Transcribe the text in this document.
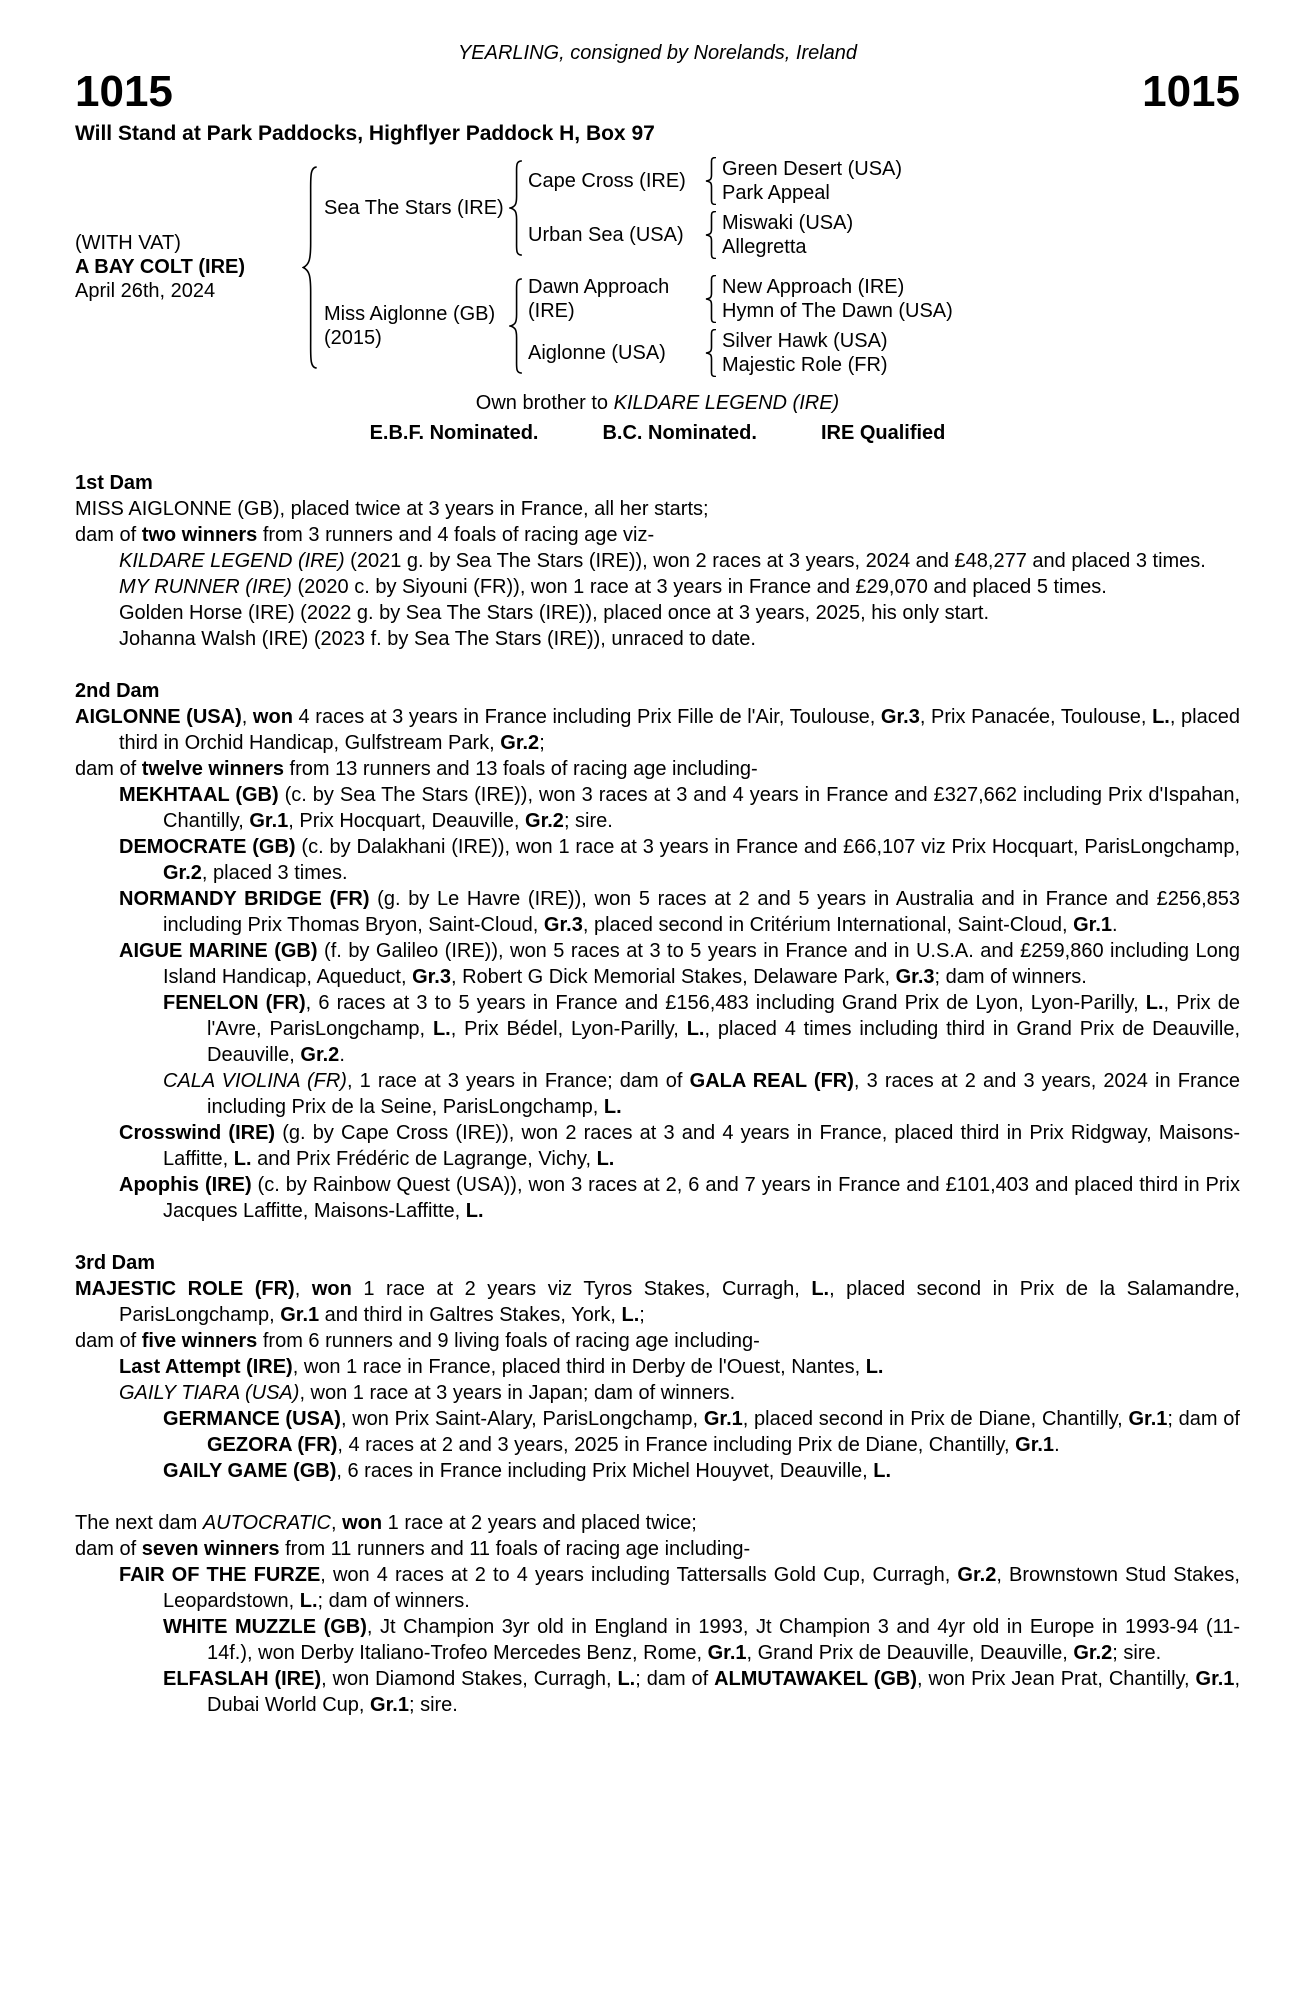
YEARLING, consigned by Norelands, Ireland
1015	1015
Will Stand at Park Paddocks, Highflyer Paddock H, Box 97
(WITH VAT)
A BAY COLT (IRE)
April 26th, 2024
Sea The Stars (IRE)
Cape Cross (IRE)
Green Desert (USA)
Park Appeal
Urban Sea (USA)
Miswaki (USA)
Allegretta
Miss Aiglonne (GB) (2015)
Dawn Approach (IRE)
New Approach (IRE)
Hymn of The Dawn (USA)
Aiglonne (USA)
Silver Hawk (USA)
Majestic Role (FR)
Own brother to KILDARE LEGEND (IRE)
E.B.F. Nominated.	B.C. Nominated.	IRE Qualified
1st Dam

MISS AIGLONNE (GB), placed twice at 3 years in France, all her starts;

dam of two winners from 3 runners and 4 foals of racing age viz-

KILDARE LEGEND (IRE) (2021 g. by Sea The Stars (IRE)), won 2 races at 3 years, 2024 and £48,277 and placed 3 times.

MY RUNNER (IRE) (2020 c. by Siyouni (FR)), won 1 race at 3 years in France and £29,070 and placed 5 times.

Golden Horse (IRE) (2022 g. by Sea The Stars (IRE)), placed once at 3 years, 2025, his only start.

Johanna Walsh (IRE) (2023 f. by Sea The Stars (IRE)), unraced to date.

2nd Dam

AIGLONNE (USA), won 4 races at 3 years in France including Prix Fille de l'Air, Toulouse, Gr.3, Prix Panacée, Toulouse, L., placed third in Orchid Handicap, Gulfstream Park, Gr.2;

dam of twelve winners from 13 runners and 13 foals of racing age including-

MEKHTAAL (GB) (c. by Sea The Stars (IRE)), won 3 races at 3 and 4 years in France and £327,662 including Prix d'Ispahan, Chantilly, Gr.1, Prix Hocquart, Deauville, Gr.2; sire.

DEMOCRATE (GB) (c. by Dalakhani (IRE)), won 1 race at 3 years in France and £66,107 viz Prix Hocquart, ParisLongchamp, Gr.2, placed 3 times.

NORMANDY BRIDGE (FR) (g. by Le Havre (IRE)), won 5 races at 2 and 5 years in Australia and in France and £256,853 including Prix Thomas Bryon, Saint-Cloud, Gr.3, placed second in Critérium International, Saint-Cloud, Gr.1.

AIGUE MARINE (GB) (f. by Galileo (IRE)), won 5 races at 3 to 5 years in France and in U.S.A. and £259,860 including Long Island Handicap, Aqueduct, Gr.3, Robert G Dick Memorial Stakes, Delaware Park, Gr.3; dam of winners.

FENELON (FR), 6 races at 3 to 5 years in France and £156,483 including Grand Prix de Lyon, Lyon-Parilly, L., Prix de l'Avre, ParisLongchamp, L., Prix Bédel, Lyon-Parilly, L., placed 4 times including third in Grand Prix de Deauville, Deauville, Gr.2.

CALA VIOLINA (FR), 1 race at 3 years in France; dam of GALA REAL (FR), 3 races at 2 and 3 years, 2024 in France including Prix de la Seine, ParisLongchamp, L.

Crosswind (IRE) (g. by Cape Cross (IRE)), won 2 races at 3 and 4 years in France, placed third in Prix Ridgway, Maisons-Laffitte, L. and Prix Frédéric de Lagrange, Vichy, L.

Apophis (IRE) (c. by Rainbow Quest (USA)), won 3 races at 2, 6 and 7 years in France and £101,403 and placed third in Prix Jacques Laffitte, Maisons-Laffitte, L.

3rd Dam

MAJESTIC ROLE (FR), won 1 race at 2 years viz Tyros Stakes, Curragh, L., placed second in Prix de la Salamandre, ParisLongchamp, Gr.1 and third in Galtres Stakes, York, L.;

dam of five winners from 6 runners and 9 living foals of racing age including-

Last Attempt (IRE), won 1 race in France, placed third in Derby de l'Ouest, Nantes, L.

GAILY TIARA (USA), won 1 race at 3 years in Japan; dam of winners.

GERMANCE (USA), won Prix Saint-Alary, ParisLongchamp, Gr.1, placed second in Prix de Diane, Chantilly, Gr.1; dam of GEZORA (FR), 4 races at 2 and 3 years, 2025 in France including Prix de Diane, Chantilly, Gr.1.

GAILY GAME (GB), 6 races in France including Prix Michel Houyvet, Deauville, L.

The next dam AUTOCRATIC, won 1 race at 2 years and placed twice;

dam of seven winners from 11 runners and 11 foals of racing age including-

FAIR OF THE FURZE, won 4 races at 2 to 4 years including Tattersalls Gold Cup, Curragh, Gr.2, Brownstown Stud Stakes, Leopardstown, L.; dam of winners.

WHITE MUZZLE (GB), Jt Champion 3yr old in England in 1993, Jt Champion 3 and 4yr old in Europe in 1993-94 (11-14f.), won Derby Italiano-Trofeo Mercedes Benz, Rome, Gr.1, Grand Prix de Deauville, Deauville, Gr.2; sire.

ELFASLAH (IRE), won Diamond Stakes, Curragh, L.; dam of ALMUTAWAKEL (GB), won Prix Jean Prat, Chantilly, Gr.1, Dubai World Cup, Gr.1; sire.
